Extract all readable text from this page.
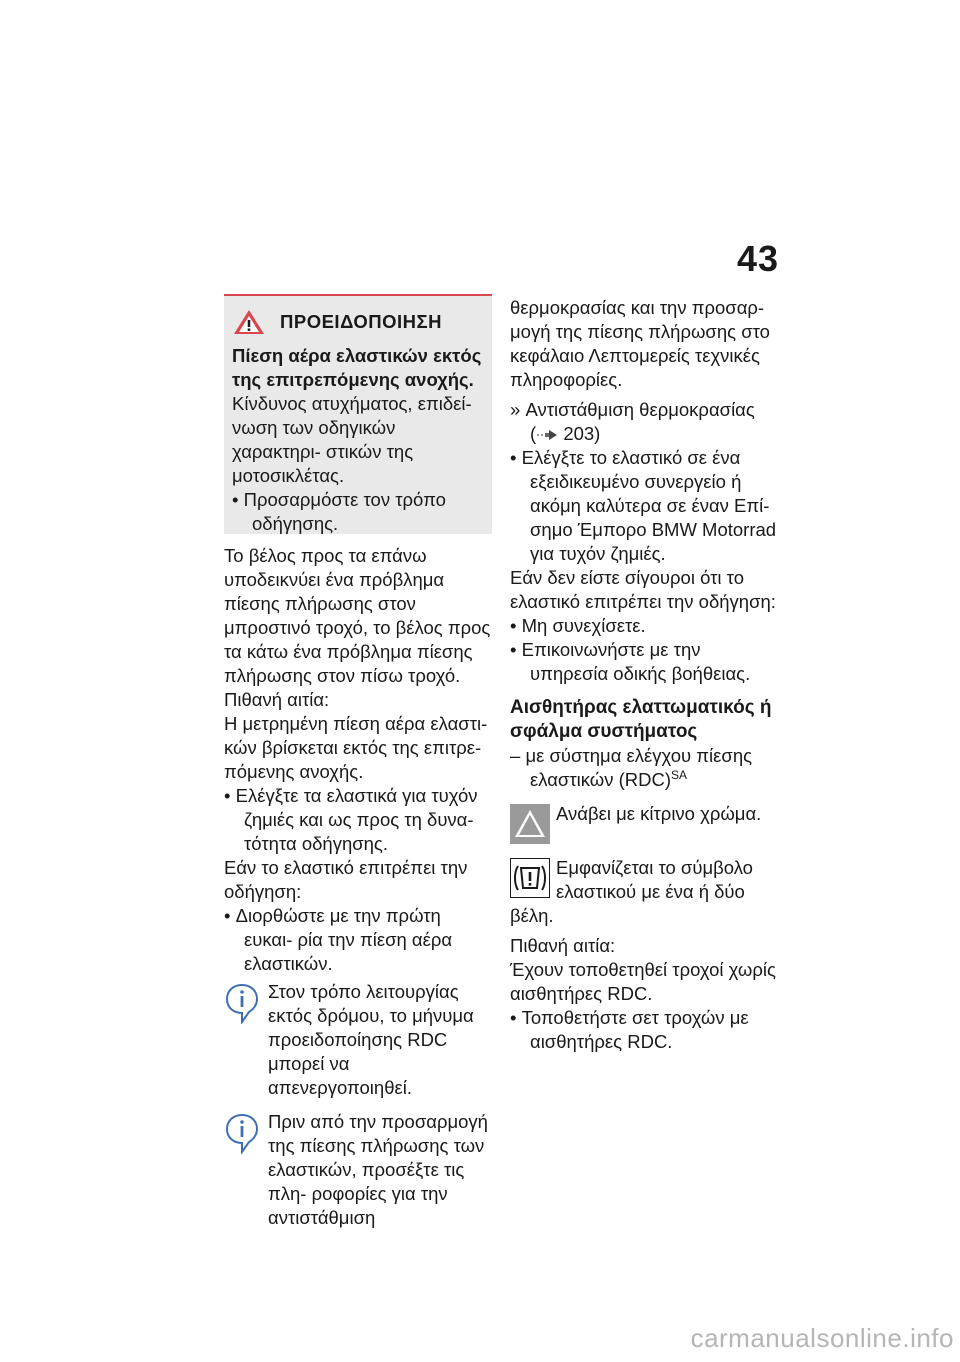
43
ΠΡΟΕΙΔΟΠΟΙΗΣΗ

Πίεση αέρα ελαστικών εκτός της επιτρεπόμενης ανοχής.

Κίνδυνος ατυχήματος, επιδεί- νωση των οδηγικών χαρακτηρι- στικών της μοτοσικλέτας.

• Προσαρμόστε τον τρόπο οδήγησης.

Το βέλος προς τα επάνω υποδεικνύει ένα πρόβλημα πίεσης πλήρωσης στον μπροστινό τροχό, το βέλος προς τα κάτω ένα πρόβλημα πίεσης πλήρωσης στον πίσω τροχό.

Πιθανή αιτία:

Η μετρημένη πίεση αέρα ελαστι- κών βρίσκεται εκτός της επιτρε- πόμενης ανοχής.

• Ελέγξτε τα ελαστικά για τυχόν ζημιές και ως προς τη δυνα- τότητα οδήγησης.

Εάν το ελαστικό επιτρέπει την οδήγηση:

• Διορθώστε με την πρώτη ευκαι- ρία την πίεση αέρα ελαστικών.

Στον τρόπο λειτουργίας εκτός δρόμου, το μήνυμα προειδοποίησης RDC μπορεί να απενεργοποιηθεί.

Πριν από την προσαρμογή της πίεσης πλήρωσης των ελαστικών, προσέξτε τις πλη- ροφορίες για την αντιστάθμιση

θερμοκρασίας και την προσαρ- μογή της πίεσης πλήρωσης στο κεφάλαιο Λεπτομερείς τεχνικές πληροφορίες.

» Αντιστάθμιση θερμοκρασίας
( 203)

• Ελέγξτε το ελαστικό σε ένα εξειδικευμένο συνεργείο ή ακόμη καλύτερα σε έναν Επί- σημο Έμπορο BMW Motorrad για τυχόν ζημιές.

Εάν δεν είστε σίγουροι ότι το ελαστικό επιτρέπει την οδήγηση:

• Μη συνεχίσετε.

• Επικοινωνήστε με την υπηρεσία οδικής βοήθειας.

Αισθητήρας ελαττωματικός ή σφάλμα συστήματος

– με σύστημα ελέγχου πίεσης ελαστικών (RDC)$^{SA}$

Ανάβει με κίτρινο χρώμα.

Εμφανίζεται το σύμβολο ελαστικού με ένα ή δύο βέλη.

Πιθανή αιτία:

Έχουν τοποθετηθεί τροχοί χωρίς αισθητήρες RDC.

• Τοποθετήστε σετ τροχών με αισθητήρες RDC.

carmanualsonline.info
